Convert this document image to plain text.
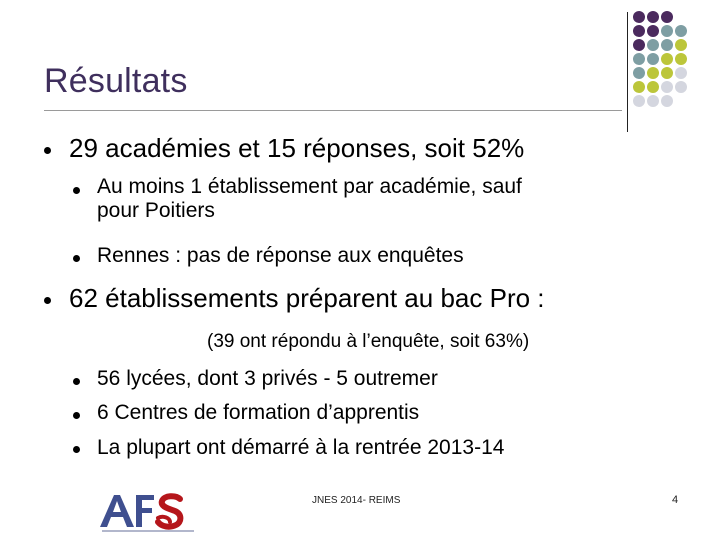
Résultats
29 académies et 15 réponses, soit 52%
Au moins 1 établissement par académie, sauf
pour Poitiers
Rennes : pas de réponse aux enquêtes
62 établissements préparent au bac Pro :
(39 ont répondu à l’enquête, soit 63%)
56 lycées, dont 3 privés - 5 outremer
6 Centres de formation d’apprentis
La plupart ont démarré à la rentrée 2013-14
JNES 2014- REIMS	4
